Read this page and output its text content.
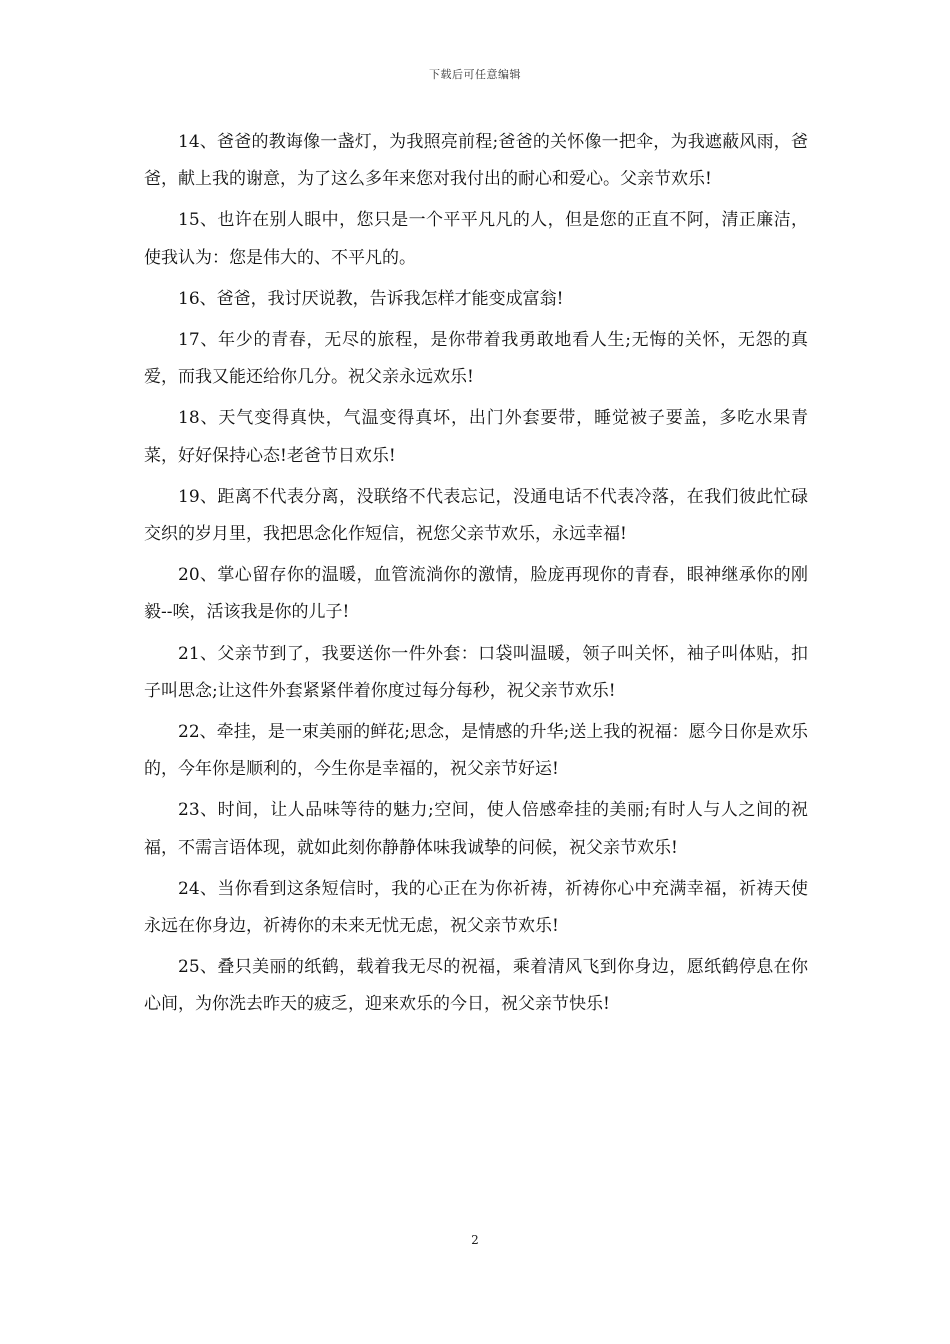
下载后可任意编辑

14、爸爸的教诲像一盏灯，为我照亮前程;爸爸的关怀像一把伞，为我遮蔽风雨，爸爸，献上我的谢意，为了这么多年来您对我付出的耐心和爱心。父亲节欢乐!

15、也许在别人眼中，您只是一个平平凡凡的人，但是您的正直不阿，清正廉洁，使我认为：您是伟大的、不平凡的。

16、爸爸，我讨厌说教，告诉我怎样才能变成富翁!

17、年少的青春，无尽的旅程，是你带着我勇敢地看人生;无悔的关怀，无怨的真爱，而我又能还给你几分。祝父亲永远欢乐!

18、天气变得真快，气温变得真坏，出门外套要带，睡觉被子要盖，多吃水果青菜，好好保持心态!老爸节日欢乐!

19、距离不代表分离，没联络不代表忘记，没通电话不代表冷落，在我们彼此忙碌交织的岁月里，我把思念化作短信，祝您父亲节欢乐，永远幸福!

20、掌心留存你的温暖，血管流淌你的激情，脸庞再现你的青春，眼神继承你的刚毅--唉，活该我是你的儿子!

21、父亲节到了，我要送你一件外套：口袋叫温暖，领子叫关怀，袖子叫体贴，扣子叫思念;让这件外套紧紧伴着你度过每分每秒，祝父亲节欢乐!

22、牵挂，是一束美丽的鲜花;思念，是情感的升华;送上我的祝福：愿今日你是欢乐的，今年你是顺利的，今生你是幸福的，祝父亲节好运!

23、时间，让人品味等待的魅力;空间，使人倍感牵挂的美丽;有时人与人之间的祝福，不需言语体现，就如此刻你静静体味我诚挚的问候，祝父亲节欢乐!

24、当你看到这条短信时，我的心正在为你祈祷，祈祷你心中充满幸福，祈祷天使永远在你身边，祈祷你的未来无忧无虑，祝父亲节欢乐!

25、叠只美丽的纸鹤，载着我无尽的祝福，乘着清风飞到你身边，愿纸鹤停息在你心间，为你洗去昨天的疲乏，迎来欢乐的今日，祝父亲节快乐!

2
